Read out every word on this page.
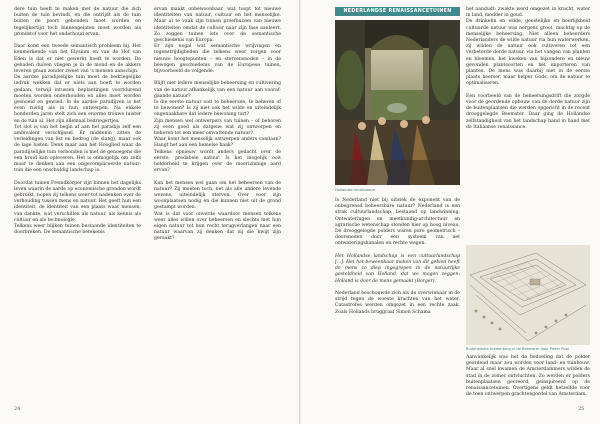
dere tuin heeft te maken met de natuur die zich buiten de tuin bevindt, en die ontrijdt als de tuin buiten de poort gebouden moet worden en tegelijkertijd toch binnengelaten moet worden als grondstof voor het onderhoud ervan.

Daar komt een tweede semantisch probleem bij. Het kenmerkende van het Elysium en van de Hof van Eden is dat er niet gewerkt hoeft te worden. De gehaden duiven vliegen je in de mond en de akkers leveren graan zonder zweet van 's mensen aanschijn.

De aardse paradijselijke tuin moet de bedriegelijke indruk wekken dat er niets aan hoeft te worden gedaan, terwijl intussen beplantingen voortdurend moeten worden onderhouden en alles moet worden gesnoeid en gewied. In de aardse paradijzen is het even rustig als in hun ontwerpen. Na enkele honderden jaren stelt zich een enorme trouwe luister en de tuin al. Het zijn allemaal bedriegertjes.

Tot slot is van het begin af aan het paradijs zelf een ambivalent verschijnsel. Er middenin zitten de verleidingen van list en bedrog (de slang), maar ook de lage lusten. Denk maar aan het Hooglied waar de paradijselijke tuin verbonden is met de genoegens die een bruid kan opleveren. Het is onmogelijk om zelfs maar te denken aan een ongecompliceerde natuur-tuin die een onschuldig landschap is.

Doordat tuinen Fremdkörper zijn binnen het dagelijks leven waarin de aarde op economische gronden wordt gebruikt, nopen zij telkens weer tot nadenken over de verhouding tussen mens en natuur. Het geeft hun een identiteit, de identiteit van een plaats waar mensen, van dankte, wat verschillen als natuur, als kennis als cultuur en als technologie.

Telkens weer blijken tuinen bestaande identiteiten te doorbreken. De semantische betekenis

ervan maakt onbewoonbaar, wat toopt tot nieuwe identiteiten van natuur, cultuur en het menselijke. Maar al te vaak zijn tuinen proefhuizen van nieuwe identiteiten omdat de cultuur naar zijn fase aanleert. Zo zoggen tuinen iets over de semantische geschiedenis van Europa.

Er zijn nogal wat semantische wrijvingen en tegenstrijdigheden die telkens weer zorgen voor nieuwe hoogtepunten – en stervensnoden – in de bewogen geschiedenis van de Europese tuinen, bijvoorbeeld de volgende:

Blijft niet iedere menselijke beheersing en cultivering van de natuur afhankelijk van een natuur aan vooraf-gaande natuur?

Is die eerste natuur ooit te beheersen, te beheren of te bewonen? Is zij niet ook het wilde en uiteindelijk ongenaakbare dat iedere bewoning tart?

Zijn mensen wel ontwerpers van tuinen – of behoren zij even goed als datgene wat zij ontwerpen en beheren tot een meer omvattende natuur?

Waar komt het menselijk ontwerpen anders vandaan? Hangt het aan een hemelse haak?

Telkens opnieuw wordt anders gedacht over de eerste, predabele natuur. Is het mogelijk ooit helderheid te krijgen over de moerizinnige aard ervan?

Kun het mensen wel gaan om het beheersen van de natuur? Zij moeten toch, net als alle andere levende wezens, uiteindelijk sterven. Over voor zijn woonplaatsen nodig en die kunnen niet uit de grond gestampt worden.

Wat is dat voor onverde waardoor mensen telkens weer alles willen over beheersen en slechts met hun eigen natuur tot hun recht terugverlangen naar een natuur waarvan zij denken dat zij die kwijt zijn geraakt?

24
NEDERLANDSE RENAISSANCETUINEN
Hollandse renaissance

Is Nederland niet bij uitstek de exponent van de onbegrensd beheersbare natuur? Nederland is een strak cultuurlandschap, bestaand op landwinning. Ontwateringen en meetkundig-architectuur en agrarische wetenschap stonden hier op hoog niveau. De drooggelegde polders waren pure geometrisch – doorsneden door een systeem van net ontwateringskanalen en rechte wegen.

Het Hollandse landschap is een cultuurlandschap [...]. Het het beweenbaar maken van dit gebied heeft de mens zo diep ingegrepen in de natuurlijke gesteldheid van Holland, dat we mogen zeggen: Holland is door de mens gemaakt (Borger).

Nederland beschouwde zich als de overwinnaar in de strijd tegen de woeste krachten van het water. Catastrofes werden omgezet in een rechte zaak. Zoals Hollands bruggraaf Simon Schama

het aandudt: zwakte werd omgezet in kracht, water in land, modder in goud.

De drinkelin en wilde, geestelijke en heerlijkheid cultuurde natuur was nergens groot, machtig op de menselijke beheersing. Niet alleen beheerders Nederlanders de wilde natuur via hun waterwerken, zij wilden de natuur ook cultiveren tot een verbeterde derde natuur, via het vangen van planten en bloemen, het kweken van bijzondere en nieuw gevonden plantsoorten en het importeren van planten. De mens was daarbij niet in de eerste plaats heerser, maar helper Gods, om de natuur te optimaliseren.

Een voorbeeld van de beheersingsdrift die zorgde voor de geordende opbouw van de derde natuur zijn de buitenplaatsen die werden opgericht in de recent drooggelegde Beemster. Daar ging de Hollandse zelfstandigheid van het landschap hand in hand met de Italiaanse renaissance.

Buitenplaats Vredenburg in de Beemster door Pieter Post

Aanvankelijk was het de bedoeling dat de polder geordend maar zou worden voor land- en tuinbouw. Maar al snel kwamen de Amsterdammers wilden de stad in de zomer ontvluchten. Zo werden er polders buitenplaatsen gecreerd, geïnspireerd op de renaissancetuinen. Overtigens geldt hetzelfde voor de toen ontwerpen grachtengordel van Amsterdam.

25
